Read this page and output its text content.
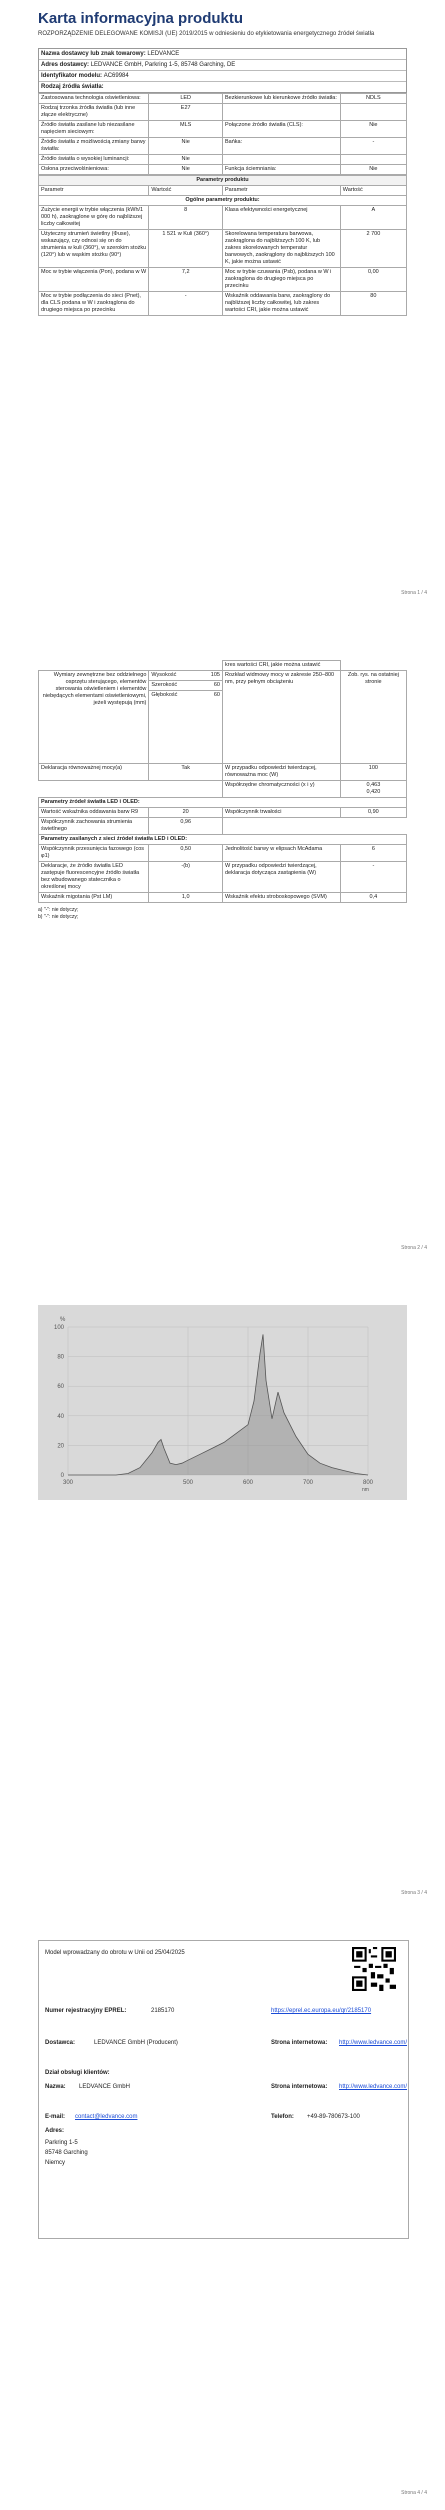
Karta informacyjna produktu
ROZPORZĄDZENIE DELEGOWANE KOMISJI (UE) 2019/2015 w odniesieniu do etykietowania energetycznego źródeł światła
Nazwa dostawcy lub znak towarowy:
LEDVANCE
Adres dostawcy:
LEDVANCE GmbH, Parkring 1-5, 85748 Garching, DE
Identyfikator modelu:
AC69984
Rodzaj źródła światła:
Zastosowana technologia oświetleniowa:	LED	Bezkierunkowe lub kierunkowe źródło światła:	NDLS
Rodzaj trzonka źródła światła (lub inne złącze elektryczne)	E27		
Źródło światła zasilane lub niezasilane napięciem sieciowym:	MLS	Połączone źródło światła (CLS):	Nie
Źródło światła z możliwością zmiany barwy światła:	Nie	Bańka:	-
Źródło światła o wysokiej luminancji:	Nie		
Osłona przeciwolśnieniowa:	Nie	Funkcja ściemniania:	Nie
Parametry produktu			
Parametr	Wartość	Parametr	Wartość
Ogólne parametry produktu:			
Zużycie energii w trybie włączenia (kWh/1 000 h), zaokrąglone w górę do najbliższej liczby całkowitej	8	Klasa efektywności energetycznej	A
Użyteczny strumień świetlny (Φuse), wskazujący, czy odnosi się on do strumienia w kuli (360°), w szerokim stożku (120°) lub w wąskim stożku (90°)	1 521 w Kuli (360°)	Skorelowana temperatura barwowa, zaokrąglona do najbliższych 100 K, lub zakres skorelowanych temperatur barwowych, zaokrąglony do najbliższych 100 K, jakie można ustawić	2 700
Moc w trybie włączenia (Pon), podana w W	7,2	Moc w trybie czuwania (Psb), podana w W i zaokrąglona do drugiego miejsca po przecinku	0,00
Moc w trybie podłączenia do sieci (Pnet), dla CLS podana w W i zaokrąglona do drugiego miejsca po przecinku	-	Wskaźnik oddawania barw, zaokrąglony do najbliższej liczby całkowitej, lub zakres wartości CRI, jakie można ustawić	80
Strona 1 / 4
		kres wartości CRI, jakie można ustawić	
Wymiary zewnętrzne bez oddzielnego osprzętu sterującego, elementów sterowania oświetleniem i elementów niebędących elementami oświetleniowymi, jeżeli występują (mm)	Wysokość 105	Rozkład widmowy mocy w zakresie 250–800 nm, przy pełnym obciążeniu	Zob. rys. na ostatniej stronie
	Szerokość 60		

	Głębokość 60		

Deklaracja równoważnej mocy(a)	Tak	W przypadku odpowiedzi twierdzącej, równoważna moc (W)	100
		Współrzędne chromatyczności (x i y)	0,463
0,420

Parametry źródeł światła LED i OLED:			
Wartość wskaźnika oddawania barw R9	20	Współczynnik trwałości	0,90
Współczynnik zachowania strumienia świetlnego	0,96		
Parametry zasilanych z sieci źródeł światła LED i OLED:			
Współczynnik przesunięcia fazowego (cos φ1)	0,50	Jednolitość barwy w elipsach McAdama	6
Deklaracje, że źródło światła LED zastępuje fluorescencyjne źródło światła bez wbudowanego statecznika o określonej mocy	-(b)	W przypadku odpowiedzi twierdzącej, deklaracja dotycząca zastąpienia (W)	-
Wskaźnik migotania (Pst LM)	1,0	Wskaźnik efektu stroboskopowego (SVM)	0,4
a) "-": nie dotyczy;
b) "-": nie dotyczy;
Strona 2 / 4
0
20
40
60
80
100
300	500	600	700	800
%
nm
Strona 3 / 4
Model wprowadzany do obrotu w Unii od 25/04/2025
Numer rejestracyjny EPREL:	2185170	https://eprel.ec.europa.eu/qr/2185170
Dostawca:	LEDVANCE GmbH (Producent)	Strona internetowa: http://www.ledvance.com/
Dział obsługi klientów:
Nazwa: LEDVANCE GmbH	Strona internetowa: http://www.ledvance.com/
E-mail: contact@ledvance.com	Telefon: +49-89-780673-100
Adres:
Parkring 1-5
85748 Garching
Niemcy
Strona 4 / 4
